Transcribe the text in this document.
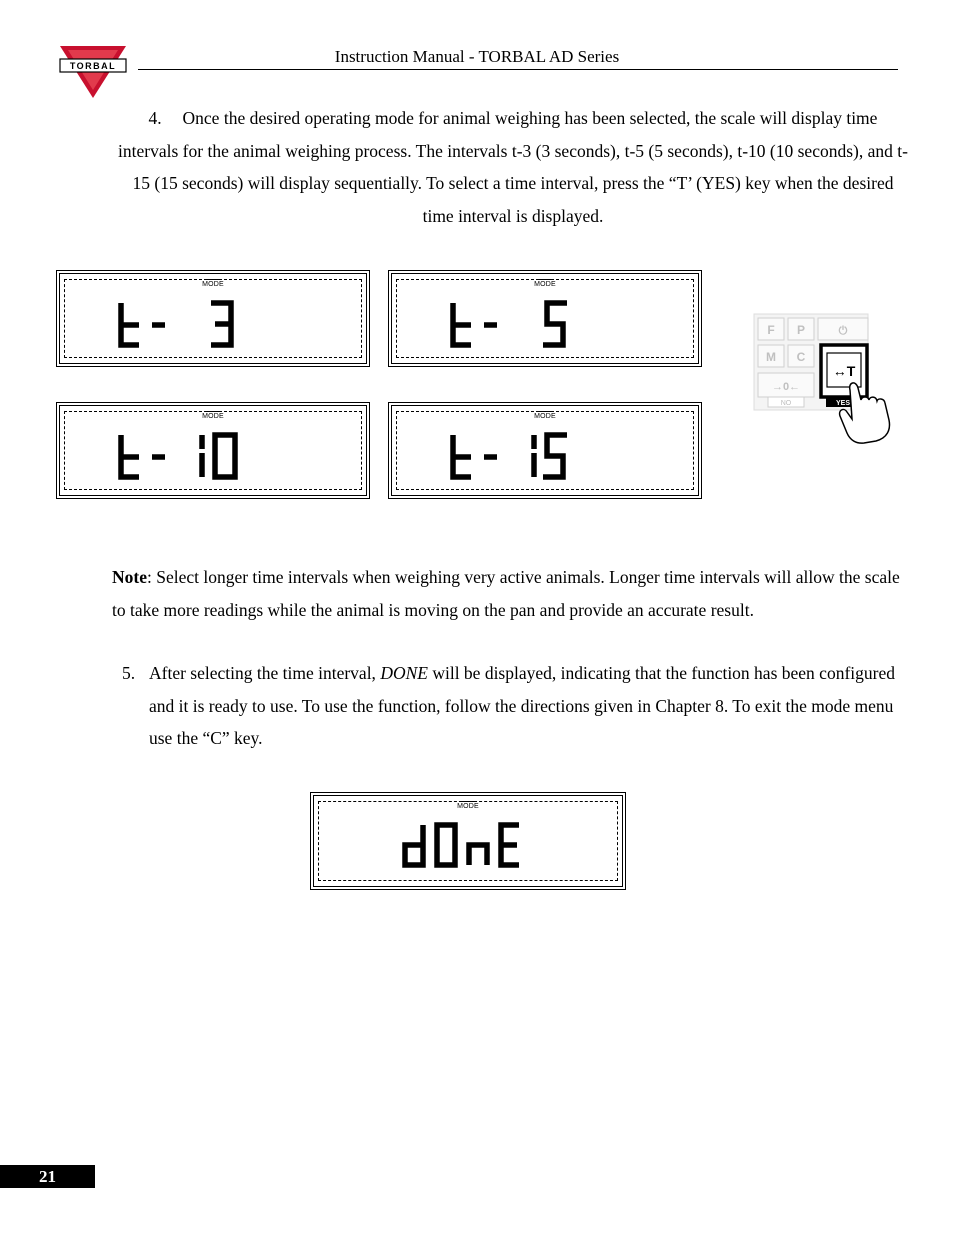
TORBAL	Instruction Manual - TORBAL AD Series
4. Once the desired operating mode for animal weighing has been selected, the scale will display time intervals for the animal weighing process. The intervals t-3 (3 seconds), t-5 (5 seconds), t-10 (10 seconds), and t-15 (15 seconds) will display sequentially. To select a time interval, press the “T’ (YES) key when the desired time interval is displayed.
MODE	MODE
MODE	MODE
F P	⏻
M C
→0←
NO
↔T
YES
Note: Select longer time intervals when weighing very active animals. Longer time intervals will allow the scale to take more readings while the animal is moving on the pan and provide an accurate result.
5. After selecting the time interval, DONE will be displayed, indicating that the function has been configured and it is ready to use. To use the function, follow the directions given in Chapter 8. To exit the mode menu use the “C” key.
MODE
21
